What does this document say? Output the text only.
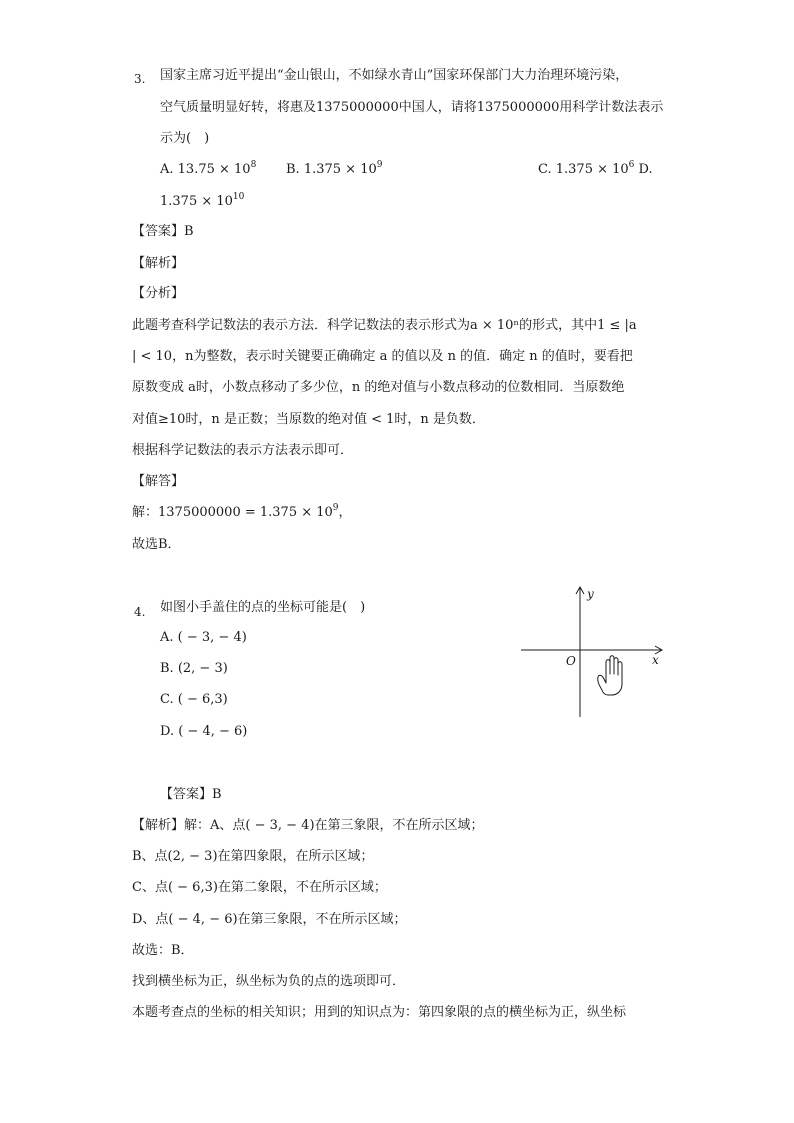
3. 国家主席习近平提出“金山银山，不如绿水青山”国家环保部门大力治理环境污染，
空气质量明显好转，将惠及1375000000中国人，请将1375000000用科学计数法表示
示为(　)
A. $13.75 \times 10^8$ B. $1.375 \times 10^9$	C. $1.375 \times 10^6$ D.
$1.375 \times 10^{10}$
【答案】B
【解析】
【分析】
此题考查科学记数法的表示方法．科学记数法的表示形式为a × 10ⁿ的形式，其中1 ≤ |a
| < 10，n为整数，表示时关键要正确确定 a 的值以及 n 的值．确定 n 的值时，要看把
原数变成 a时，小数点移动了多少位，n 的绝对值与小数点移动的位数相同．当原数绝
对值≥10时，n 是正数；当原数的绝对值 < 1时，n 是负数．
根据科学记数法的表示方法表示即可．
【解答】
解：$1375000000 = 1.375 \times 10^9$，
故选B．
4. 如图小手盖住的点的坐标可能是(　)
A. ( − 3, − 4)
B. (2, − 3)
C. ( − 6,3)
D. ( − 4, − 6)
y
x
O
【答案】B
【解析】解：A、点( − 3, − 4)在第三象限，不在所示区域；
B、点(2, − 3)在第四象限，在所示区域；
C、点( − 6,3)在第二象限，不在所示区域；
D、点( − 4, − 6)在第三象限，不在所示区域；
故选：B．
找到横坐标为正，纵坐标为负的点的选项即可．
本题考查点的坐标的相关知识；用到的知识点为：第四象限的点的横坐标为正，纵坐标
